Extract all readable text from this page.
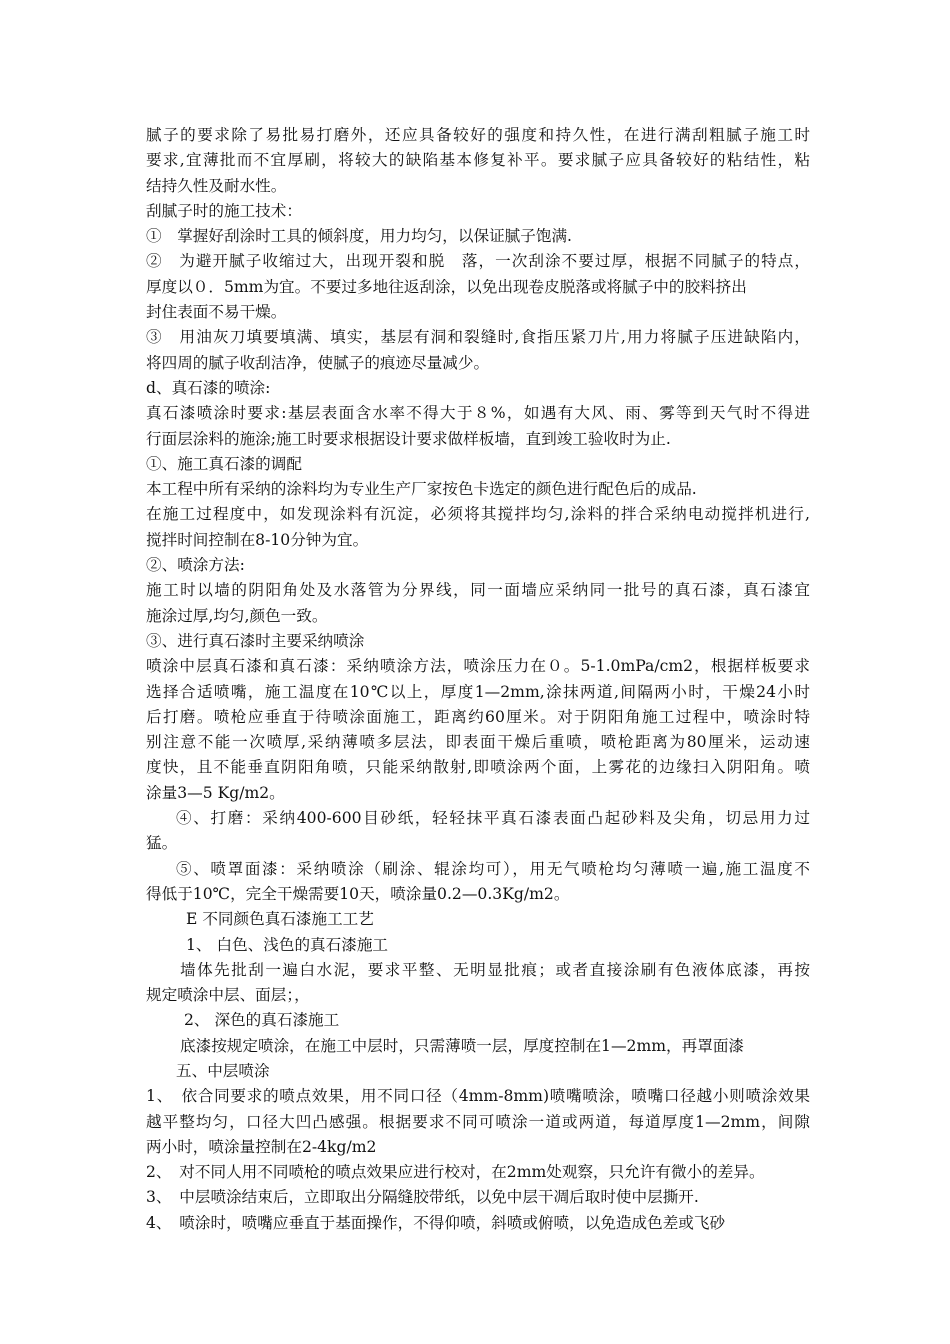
腻子的要求除了易批易打磨外，还应具备较好的强度和持久性，在进行满刮粗腻子施工时
要求,宜薄批而不宜厚刷，将较大的缺陷基本修复补平。要求腻子应具备较好的粘结性，粘
结持久性及耐水性。
刮腻子时的施工技术：
①　掌握好刮涂时工具的倾斜度，用力均匀，以保证腻子饱满.
②　为避开腻子收缩过大，出现开裂和脱　落，一次刮涂不要过厚，根据不同腻子的特点，
厚度以０．5mm为宜。不要过多地往返刮涂，以免出现卷皮脱落或将腻子中的胶料挤出
封住表面不易干燥。
③　用油灰刀填要填满、填实，基层有洞和裂缝时,食指压紧刀片,用力将腻子压进缺陷内，
将四周的腻子收刮洁净，使腻子的痕迹尽量减少。
d、真石漆的喷涂:
真石漆喷涂时要求:基层表面含水率不得大于８%，如遇有大风、雨、雾等到天气时不得进
行面层涂料的施涂;施工时要求根据设计要求做样板墙，直到竣工验收时为止.
①、施工真石漆的调配
本工程中所有采纳的涂料均为专业生产厂家按色卡选定的颜色进行配色后的成品.
在施工过程度中，如发现涂料有沉淀，必须将其搅拌均匀,涂料的拌合采纳电动搅拌机进行,
搅拌时间控制在8-10分钟为宜。
②、喷涂方法:
施工时以墙的阴阳角处及水落管为分界线，同一面墙应采纳同一批号的真石漆，真石漆宜
施涂过厚,均匀,颜色一致。
③、进行真石漆时主要采纳喷涂
喷涂中层真石漆和真石漆：采纳喷涂方法，喷涂压力在０。5-1.0mPa/cm2，根据样板要求
选择合适喷嘴，施工温度在10℃以上，厚度1—2mm,涂抹两道,间隔两小时，干燥24小时
后打磨。喷枪应垂直于待喷涂面施工，距离约60厘米。对于阴阳角施工过程中，喷涂时特
别注意不能一次喷厚,采纳薄喷多层法，即表面干燥后重喷，喷枪距离为80厘米，运动速
度快，且不能垂直阴阳角喷，只能采纳散射,即喷涂两个面，上雾花的边缘扫入阴阳角。喷
涂量3—5 Kg/m2。
④、打磨：采纳400-600目砂纸，轻轻抹平真石漆表面凸起砂料及尖角，切忌用力过
猛。
⑤、喷罩面漆：采纳喷涂（刷涂、辊涂均可），用无气喷枪均匀薄喷一遍,施工温度不
得低于10℃，完全干燥需要10天，喷涂量0.2—0.3Kg/m2。
E 不同颜色真石漆施工工艺
1、 白色、浅色的真石漆施工
墙体先批刮一遍白水泥，要求平整、无明显批痕；或者直接涂刷有色液体底漆，再按
规定喷涂中层、面层；，
2、 深色的真石漆施工
底漆按规定喷涂，在施工中层时，只需薄喷一层，厚度控制在1—2mm，再罩面漆
五、中层喷涂
1、　依合同要求的喷点效果，用不同口径（4mm-8mm)喷嘴喷涂，喷嘴口径越小则喷涂效果
越平整均匀，口径大凹凸感强。根据要求不同可喷涂一道或两道，每道厚度1—2mm，间隙
两小时，喷涂量控制在2-4kg/m2
2、　对不同人用不同喷枪的喷点效果应进行校对，在2mm处观察，只允许有微小的差异。
3、　中层喷涂结束后，立即取出分隔缝胶带纸，以免中层干凋后取时使中层撕开.
4、　喷涂时，喷嘴应垂直于基面操作，不得仰喷，斜喷或俯喷，以免造成色差或飞砂
